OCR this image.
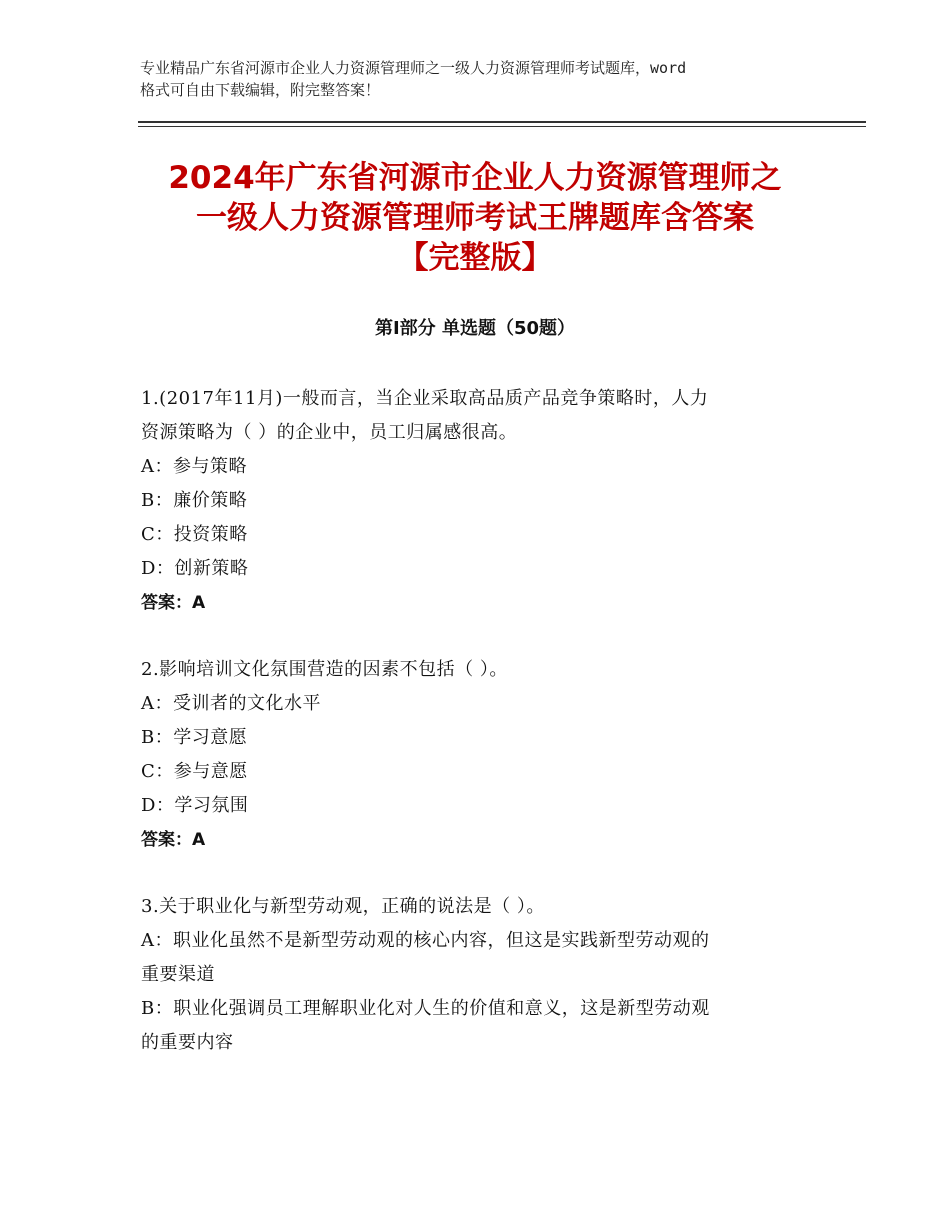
专业精品广东省河源市企业人力资源管理师之一级人力资源管理师考试题库，word
格式可自由下载编辑，附完整答案！
2024年广东省河源市企业人力资源管理师之
一级人力资源管理师考试王牌题库含答案
【完整版】
第Ⅰ部分 单选题（50题）
1.(2017年11月)一般而言，当企业采取高品质产品竞争策略时，人力
资源策略为（ ）的企业中，员工归属感很高。
A：参与策略
B：廉价策略
C：投资策略
D：创新策略
答案：A
2.影响培训文化氛围营造的因素不包括（ ）。
A：受训者的文化水平
B：学习意愿
C：参与意愿
D：学习氛围
答案：A
3.关于职业化与新型劳动观，正确的说法是（ ）。
A：职业化虽然不是新型劳动观的核心内容，但这是实践新型劳动观的
重要渠道
B：职业化强调员工理解职业化对人生的价值和意义，这是新型劳动观
的重要内容
